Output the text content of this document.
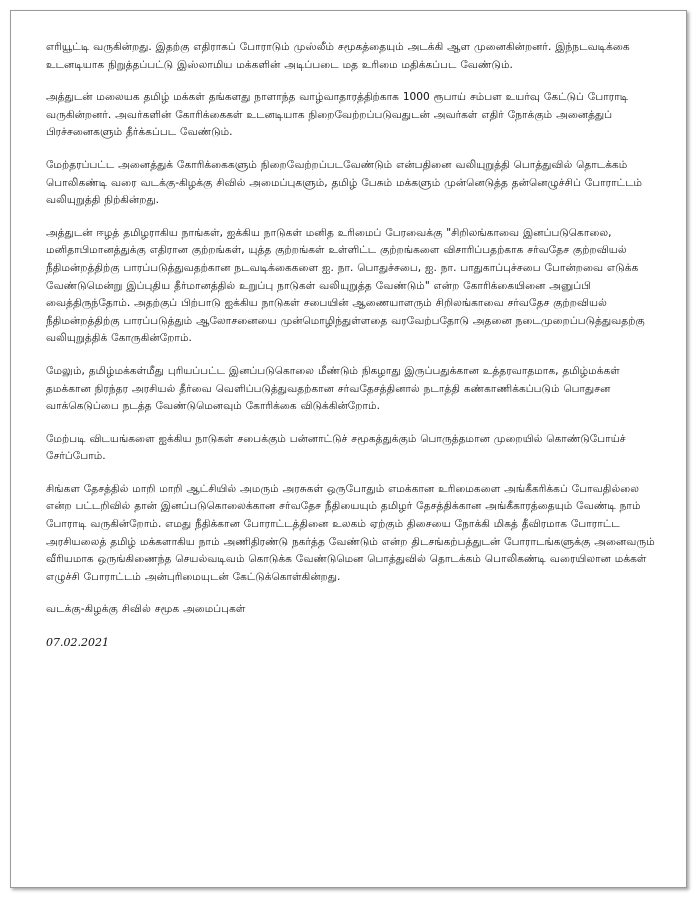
எரியூட்டி வருகின்றது. இதற்கு எதிராகப் போராடும் முஸ்லீம் சமூகத்தையும் அடக்கி ஆள முனைகின்றனர். இந்நடவடிக்கை உடனடியாக நிறுத்தப்பட்டு இஸ்லாமிய மக்களின் அடிப்படை மத உரிமை மதிக்கப்பட வேண்டும்.

அத்துடன் மலையக தமிழ் மக்கள் தங்களது நாளாந்த வாழ்வாதாரத்திற்காக 1000 ரூபாய் சம்பள உயர்வு கேட்டுப் போராடி வருகின்றனர். அவர்களின் கோரிக்கைகள் உடனடியாக நிறைவேற்றப்படுவதுடன் அவர்கள் எதிர் நோக்கும் அனைத்துப் பிரச்சனைகளும் தீர்க்கப்பட வேண்டும்.

மேற்தரப்பட்ட அனைத்துக் கோரிக்கைகளும் நிறைவேற்றப்படவேண்டும் என்பதினை வலியுறுத்தி பொத்துவில் தொடக்கம் பொலிகண்டி வரை வடக்கு-கிழக்கு சிவில் அமைப்புகளும், தமிழ் பேசும் மக்களும் முன்னெடுத்த தன்னெழுச்சிப் போராட்டம் வலியுறுத்தி நிற்கின்றது.

அத்துடன் ஈழத் தமிழராகிய நாங்கள், ஐக்கிய நாடுகள் மனித உரிமைப் பேரவைக்கு "சிறிலங்காவை இனப்படுகொலை, மனிதாபிமானத்துக்கு எதிரான குற்றங்கள், யுத்த குற்றங்கள் உள்ளிட்ட குற்றங்களை விசாரிப்பதற்காக சர்வதேச குற்றவியல் நீதிமன்றத்திற்கு பாரப்படுத்துவதற்கான நடவடிக்கைகளை ஐ. நா. பொதுச்சபை, ஐ. நா. பாதுகாப்புச்சபை போன்றவை எடுக்க வேண்டுமென்று இப்புதிய தீர்மானத்தில் உறுப்பு நாடுகள் வலியுறுத்த வேண்டும்" என்ற கோரிக்கையினை அனுப்பி வைத்திருந்தோம். அதற்குப் பிற்பாடு ஐக்கிய நாடுகள் சபையின் ஆணையாளரும் சிறிலங்காவை சர்வதேச குற்றவியல் நீதிமன்றத்திற்கு பாரப்படுத்தும் ஆலோசனையை முன்மொழிந்துள்ளதை வரவேற்பதோடு அதனை நடைமுறைப்படுத்துவதற்கு வலியுறுத்திக் கோருகின்றோம்.

மேலும், தமிழ்மக்கள்மீது புரியப்பட்ட இனப்படுகொலை மீண்டும் நிகழாது இருப்பதுக்கான உத்தரவாதமாக, தமிழ்மக்கள் தமக்கான நிரந்தர அரசியல் தீர்வை வெளிப்படுத்துவதற்கான சர்வதேசத்தினால் நடாத்தி கண்காணிக்கப்படும் பொதுசன வாக்கெடுப்பை நடத்த வேண்டுமெனவும் கோரிக்கை விடுக்கின்றோம்.

மேற்படி விடயங்களை ஐக்கிய நாடுகள் சபைக்கும் பன்னாட்டுச் சமூகத்துக்கும் பொருத்தமான முறையில் கொண்டுபோய்ச் சேர்ப்போம்.

சிங்கள தேசத்தில் மாறி மாறி ஆட்சியில் அமரும் அரசுகள் ஒருபோதும் எமக்கான உரிமைகளை அங்கீகரிக்கப் போவதில்லை என்ற பட்டறிவில் தான் இனப்படுகொலைக்கான சர்வதேச நீதியையும் தமிழர் தேசத்திக்கான அங்கீகாரத்தையும் வேண்டி நாம் போராடி வருகின்றோம். எமது நீதிக்கான போராட்டத்தினை உலகம் ஏற்கும் திசையை நோக்கி மிகத் தீவிரமாக போராட்ட அரசியலைத் தமிழ் மக்களாகிய நாம் அணிதிரண்டு நகர்த்த வேண்டும் என்ற திடசங்கற்பத்துடன் போராடங்களுக்கு அனைவரும் வீரியமாக ஒருங்கிணைந்த செயல்வடிவம் கொடுக்க வேண்டுமென பொத்துவில் தொடக்கம் பொலிகண்டி வரையிலான மக்கள் எழுச்சி போராட்டம் அன்புரிமையுடன் கேட்டுக்கொள்கின்றது.

வடக்கு-கிழக்கு சிவில் சமூக அமைப்புகள்

07.02.2021
